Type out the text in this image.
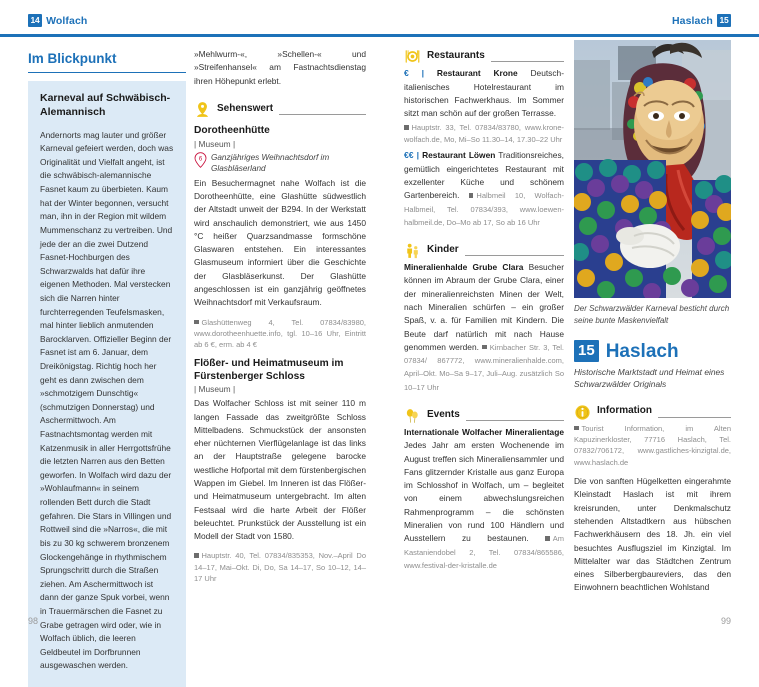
14 Wolfach	Haslach 15
Im Blickpunkt
Karneval auf Schwäbisch-Alemannisch
Andernorts mag lauter und größer Karneval gefeiert werden, doch was Originalität und Vielfalt angeht, ist die schwäbisch-alemannische Fasnet kaum zu überbieten. Kaum hat der Winter begonnen, versucht man, ihn in der Region mit wildem Mummenschanz zu vertreiben. Und jede der an die zwei Dutzend Fasnet-Hochburgen des Schwarzwalds hat dafür ihre eigenen Methoden. Mal verstecken sich die Narren hinter furchterregenden Teufelsmasken, mal hinter lieblich anmutenden Barocklarven. Offizieller Beginn der Fasnet ist am 6. Januar, dem Dreikönigstag. Richtig hoch her geht es dann zwischen dem »schmotzigem Dunschtig« (schmutzigen Donnerstag) und Aschermittwoch. Am Fastnachtsmontag werden mit Katzenmusik in aller Herrgottsfrühe die letzten Narren aus den Betten geworfen. In Wolfach wird dazu der »Wohlaufmann« in seinem rollenden Bett durch die Stadt gefahren. Die Stars in Villingen und Rottweil sind die »Narros«, die mit bis zu 30 kg schwerem bronzenem Glockengehänge in rhythmischem Sprungschritt durch die Straßen ziehen. Am Aschermittwoch ist dann der ganze Spuk vorbei, wenn in Trauermärschen die Fasnet zu Grabe getragen wird oder, wie in Wolfach üblich, die leeren Geldbeutel im Dorfbrunnen ausgewaschen werden.
»Mehlwurm-«, »Schellen-« und »Streifenhansel« am Fastnachtsdienstag ihren Höhepunkt erlebt.
Sehenswert
Dorotheenhütte
| Museum |
6 Ganzjähriges Weihnachtsdorf im Glasbläserland
Ein Besuchermagnet nahe Wolfach ist die Dorotheenhütte, eine Glashütte südwestlich der Altstadt unweit der B294. In der Werkstatt wird anschaulich demonstriert, wie aus 1450 °C heißer Quarzsandmasse formschöne Glaswaren entstehen. Ein interessantes Glasmuseum informiert über die Geschichte der Glasbläserkunst. Der Glashütte angeschlossen ist ein ganzjährig geöffnetes Weihnachtsdorf mit Verkaufsraum.
Glashüttenweg 4, Tel. 07834/83980, www.dorotheenhuette.info, tgl. 10–16 Uhr, Eintritt ab 6 €, erm. ab 4 €
Flößer- und Heimatmuseum im Fürstenberger Schloss
| Museum |
Das Wolfacher Schloss ist mit seiner 110 m langen Fassade das zweitgrößte Schloss Mittelbadens. Schmuckstück der ansonsten eher nüchternen Vierflügelanlage ist das links an der Hauptstraße gelegene barocke westliche Hofportal mit dem fürstenbergischen Wappen im Giebel. Im Inneren ist das Flößer- und Heimatmuseum untergebracht. Im alten Festsaal wird die harte Arbeit der Flößer beleuchtet. Prunkstück der Ausstellung ist ein Modell der Stadt von 1580.
Hauptstr. 40, Tel. 07834/835353, Nov.–April Do 14–17, Mai–Okt. Di, Do, Sa 14–17, So 10–12, 14–17 Uhr
Restaurants
€ | Restaurant Krone Deutsch-italienisches Hotelrestaurant im historischen Fachwerkhaus. Im Sommer sitzt man schön auf der großen Terrasse.
Hauptstr. 33, Tel. 07834/83780, www.krone-wolfach.de, Mo, Mi–So 11.30–14, 17.30–22 Uhr
€€ | Restaurant Löwen Traditionsreiches, gemütlich eingerichtetes Restaurant mit exzellenter Küche und schönem Gartenbereich. Halbmeil 10, Wolfach-Halbmeil, Tel. 07834/393, www.loewen-halbmeil.de, Do–Mo ab 17, So ab 16 Uhr
Kinder
Mineralienhalde Grube Clara Besucher können im Abraum der Grube Clara, einer der mineralienreichsten Minen der Welt, nach Mineralien schürfen – ein großer Spaß, v. a. für Familien mit Kindern. Die Beute darf natürlich mit nach Hause genommen werden. Kirnbacher Str. 3, Tel. 07834/ 867772, www.mineralienhalde.com, April–Okt. Mo–Sa 9–17, Juli–Aug. zusätzlich So 10–17 Uhr
Events
Internationale Wolfacher Mineralientage Jedes Jahr am ersten Wochenende im August treffen sich Mineraliensammler und Fans glitzernder Kristalle aus ganz Europa im Schlosshof in Wolfach, um – begleitet von einem abwechslungsreichen Rahmenprogramm – die schönsten Mineralien von rund 100 Händlern und Ausstellern zu bestaunen.	Am Kastaniendobel 2, Tel. 07834/865586, www.festival-der-kristalle.de
Der Schwarzwälder Karneval besticht durch seine bunte Maskenvielfalt
15 Haslach
Historische Marktstadt und Heimat eines Schwarzwälder Originals
Information
Tourist Information, im Alten Kapuzinerkloster, 77716 Haslach, Tel. 07832/706172, www.gastliches-kinzigtal.de, www.haslach.de
Die von sanften Hügelketten eingerahmte Kleinstadt Haslach ist mit ihrem kreisrunden, unter Denkmalschutz stehenden Altstadtkern aus hübschen Fachwerkhäusern des 18. Jh. ein viel besuchtes Ausflugsziel im Kinzigtal. Im Mittelalter war das Städtchen Zentrum eines Silberbergbaureviers, das den Einwohnern beachtlichen Wohlstand
98	99
